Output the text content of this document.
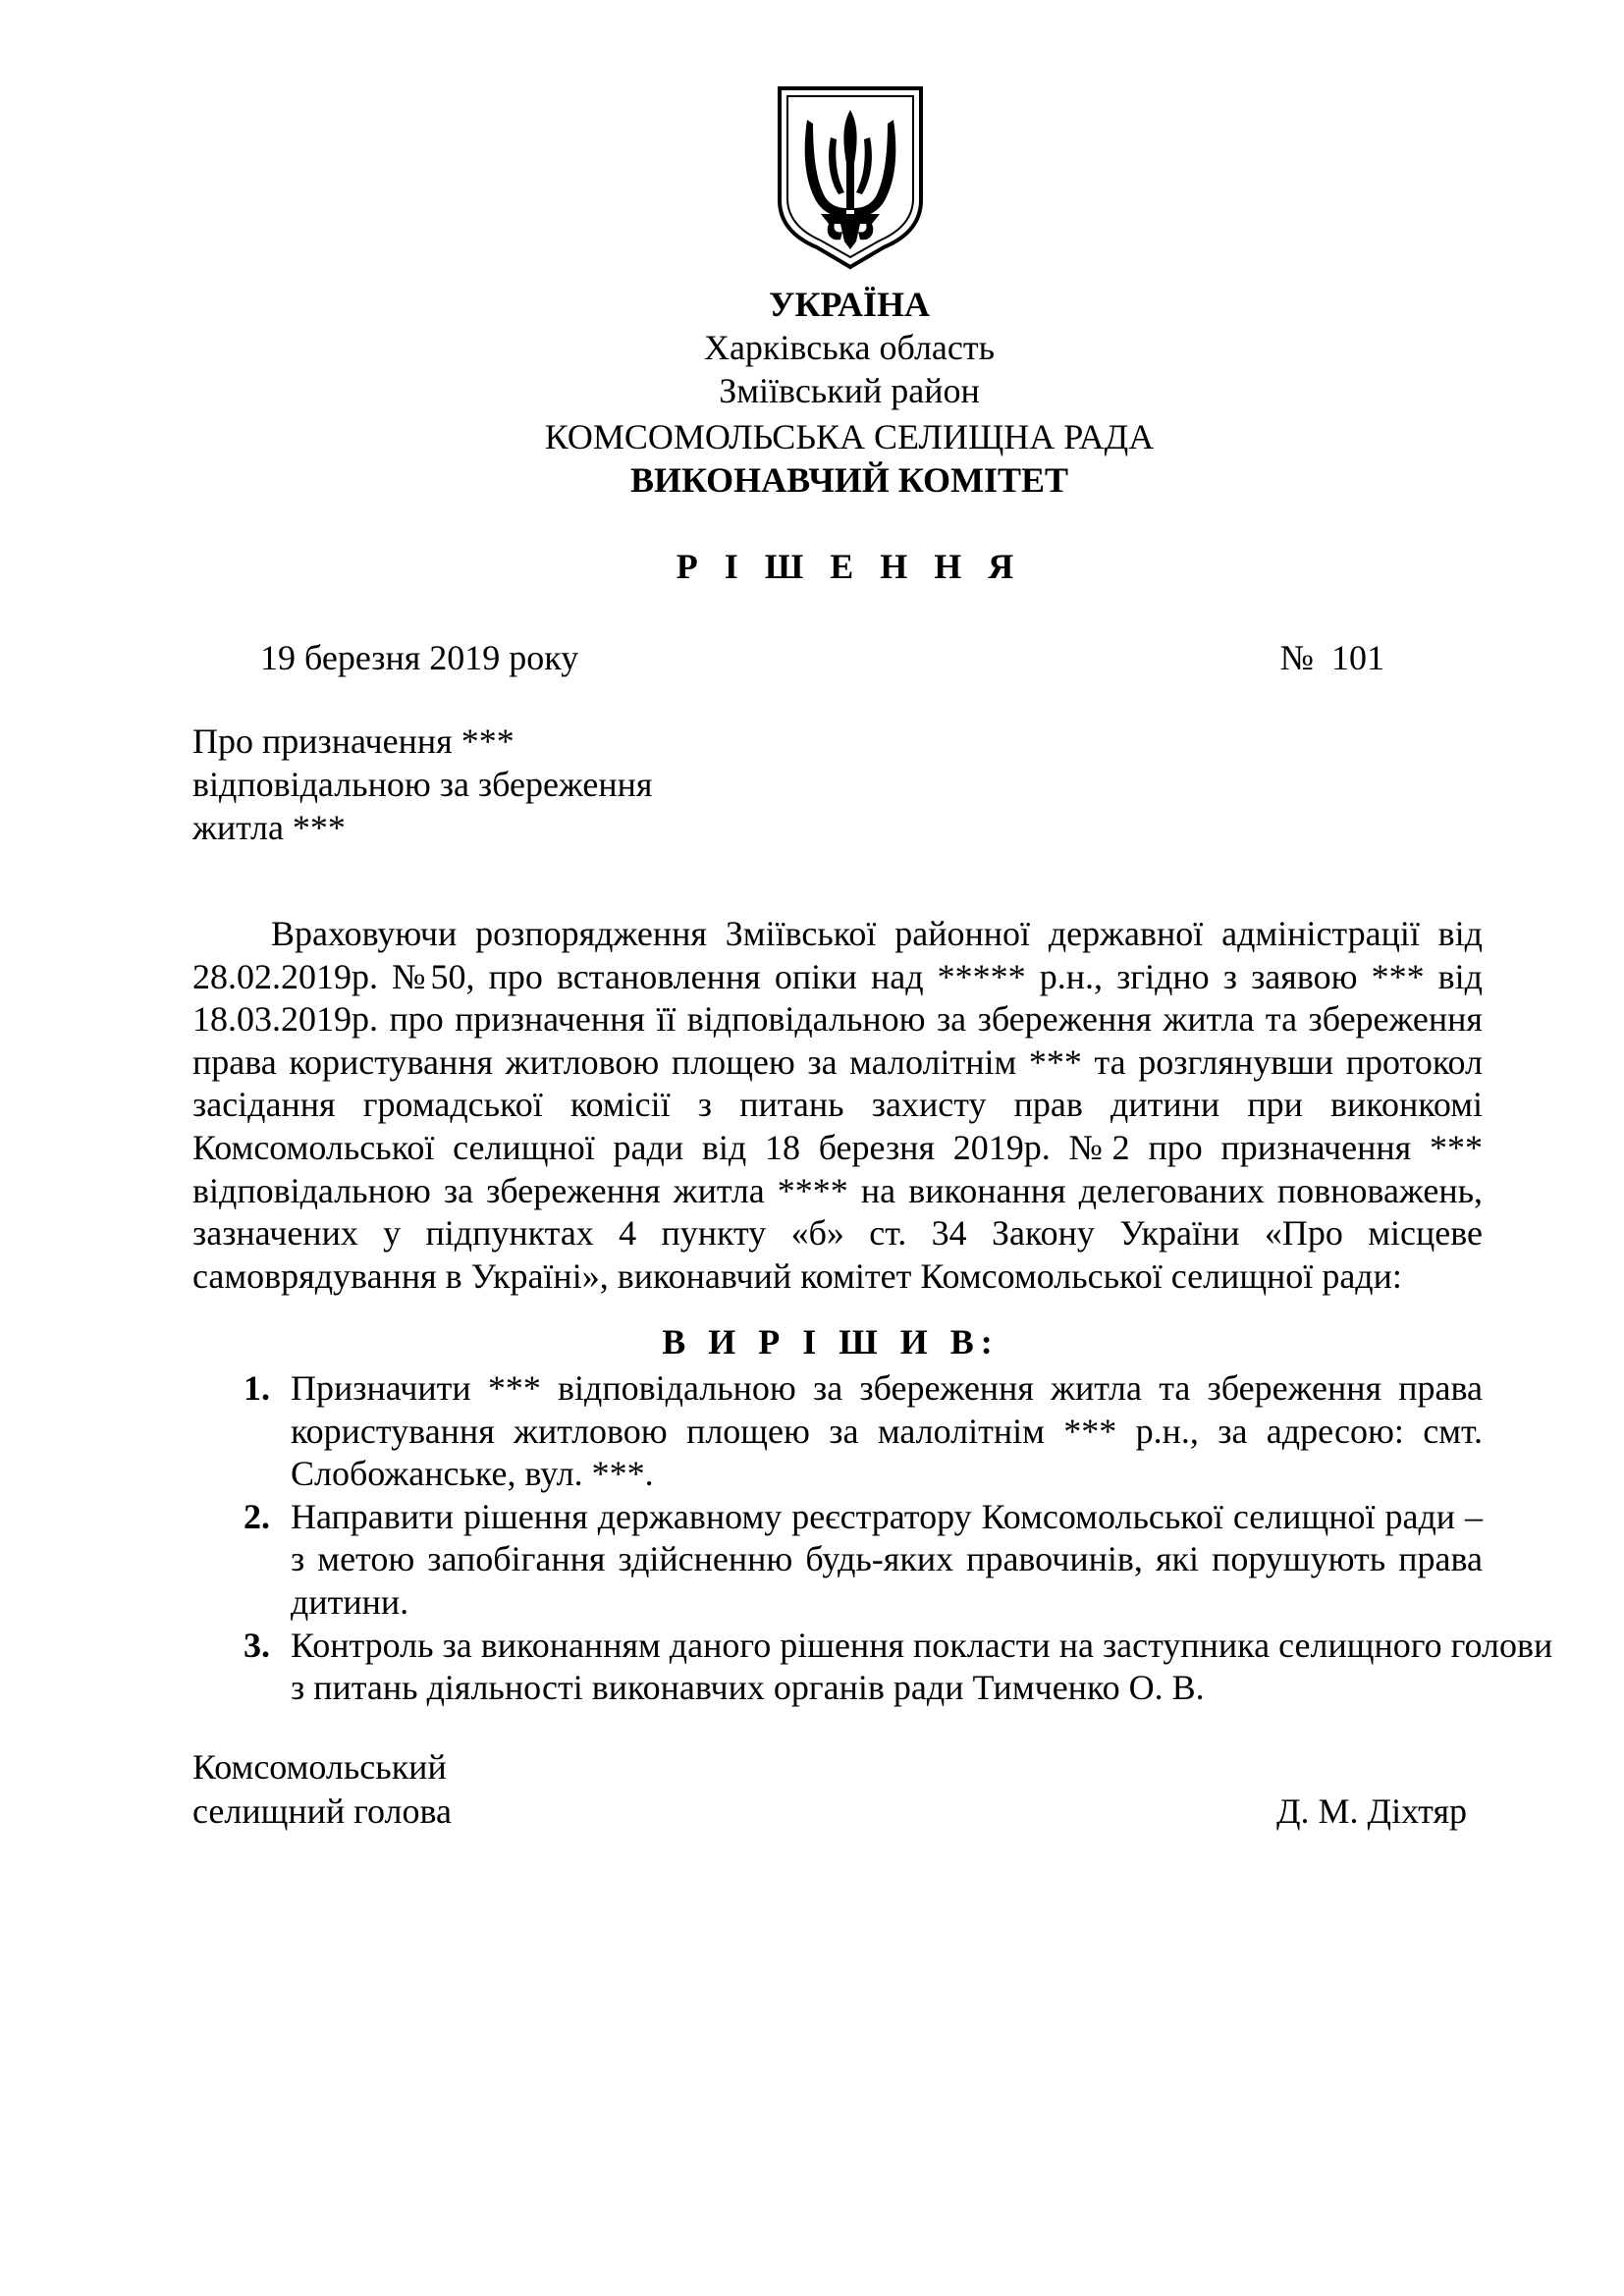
УКРАЇНА
Харківська область
Зміївський район
КОМСОМОЛЬСЬКА СЕЛИЩНА РАДА
ВИКОНАВЧИЙ КОМІТЕТ
Р І Ш Е Н Н Я
19 березня 2019 року	№  101
Про призначення ***
відповідальною за збереження
житла ***
Враховуючи розпорядження Зміївської районної державної адміністрації від
28.02.2019р. №50, про встановлення опіки над ***** р.н., згідно з заявою *** від
18.03.2019р. про призначення її відповідальною за збереження житла та збереження
права користування житловою площею за малолітнім *** та розглянувши протокол
засідання громадської комісії з питань захисту прав дитини при виконкомі
Комсомольської селищної ради від 18 березня 2019р. №2 про призначення ***
відповідальною за збереження житла **** на виконання делегованих повноважень,
зазначених у підпунктах 4 пункту «б» ст. 34 Закону України «Про місцеве
самоврядування в Україні», виконавчий комітет Комсомольської селищної ради:
В И Р І Ш И В:
1. Призначити *** відповідальною за збереження житла та збереження права
користування житловою площею за малолітнім *** р.н., за адресою: смт.
Слобожанське, вул. ***.
2. Направити рішення державному реєстратору Комсомольської селищної ради –
з метою запобігання здійсненню будь-яких правочинів, які порушують права
дитини.
3. Контроль за виконанням даного рішення покласти на заступника селищного голови
з питань діяльності виконавчих органів ради Тимченко О. В.
Комсомольський
селищний голова	Д. М. Діхтяр
